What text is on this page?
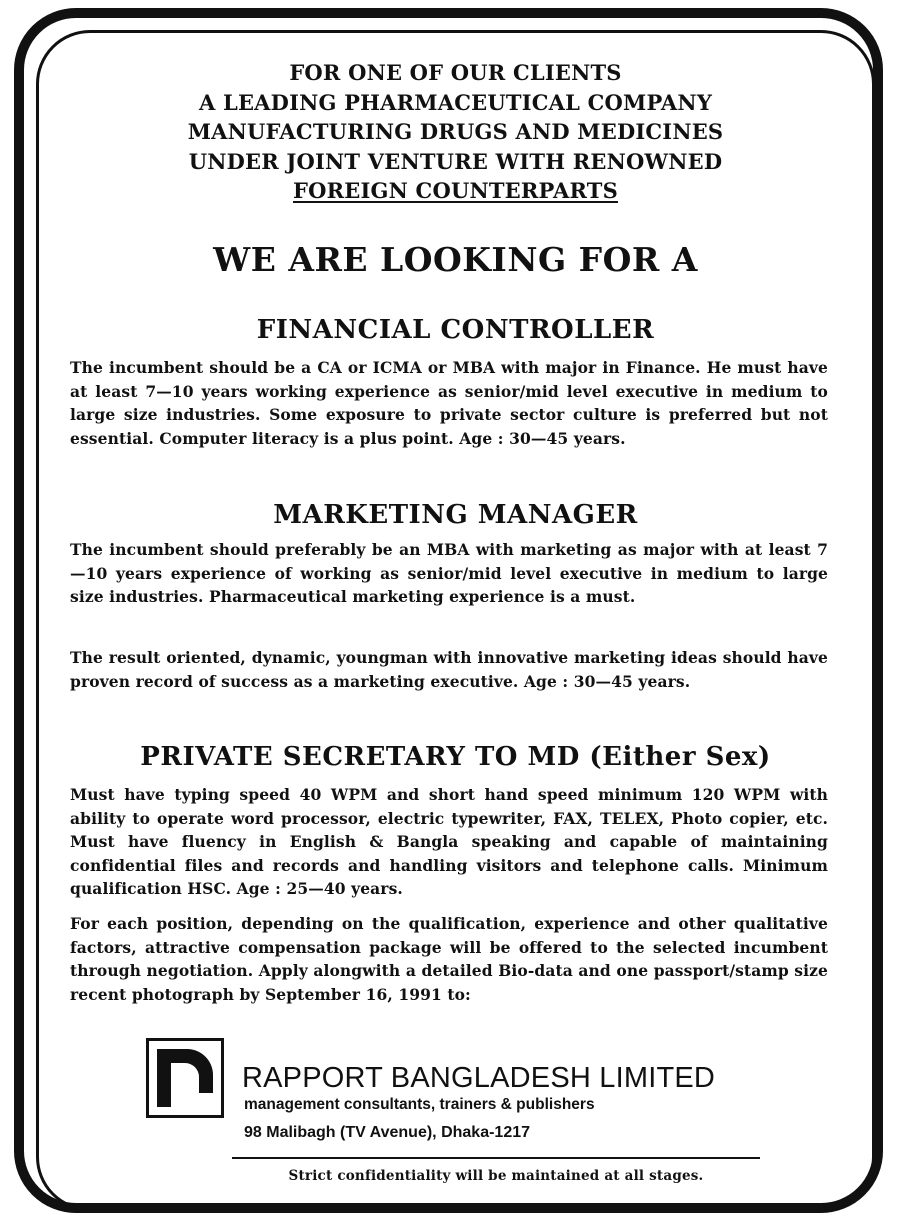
FOR ONE OF OUR CLIENTS
A LEADING PHARMACEUTICAL COMPANY
MANUFACTURING DRUGS AND MEDICINES
UNDER JOINT VENTURE WITH RENOWNED
FOREIGN COUNTERPARTS
WE ARE LOOKING FOR A
FINANCIAL CONTROLLER
The incumbent should be a CA or ICMA or MBA with major in Finance. He must have at least 7—10 years working experience as senior/mid level executive in medium to large size industries. Some exposure to private sector culture is preferred but not essential. Computer literacy is a plus point. Age : 30—45 years.
MARKETING MANAGER
The incumbent should preferably be an MBA with marketing as major with at least 7—10 years experience of working as senior/mid level executive in medium to large size industries. Pharmaceutical marketing experience is a must.
The result oriented, dynamic, youngman with innovative marketing ideas should have proven record of success as a marketing executive. Age : 30—45 years.
PRIVATE SECRETARY TO MD (Either Sex)
Must have typing speed 40 WPM and short hand speed minimum 120 WPM with ability to operate word processor, electric typewriter, FAX, TELEX, Photo copier, etc. Must have fluency in English & Bangla speaking and capable of maintaining confidential files and records and handling visitors and telephone calls. Minimum qualification HSC. Age : 25—40 years.
For each position, depending on the qualification, experience and other qualitative factors, attractive compensation package will be offered to the selected incumbent through negotiation. Apply alongwith a detailed Bio-data and one passport/stamp size recent photograph by September 16, 1991 to:
RAPPORT BANGLADESH LIMITED
management consultants, trainers & publishers
98 Malibagh (TV Avenue), Dhaka-1217
Strict confidentiality will be maintained at all stages.
